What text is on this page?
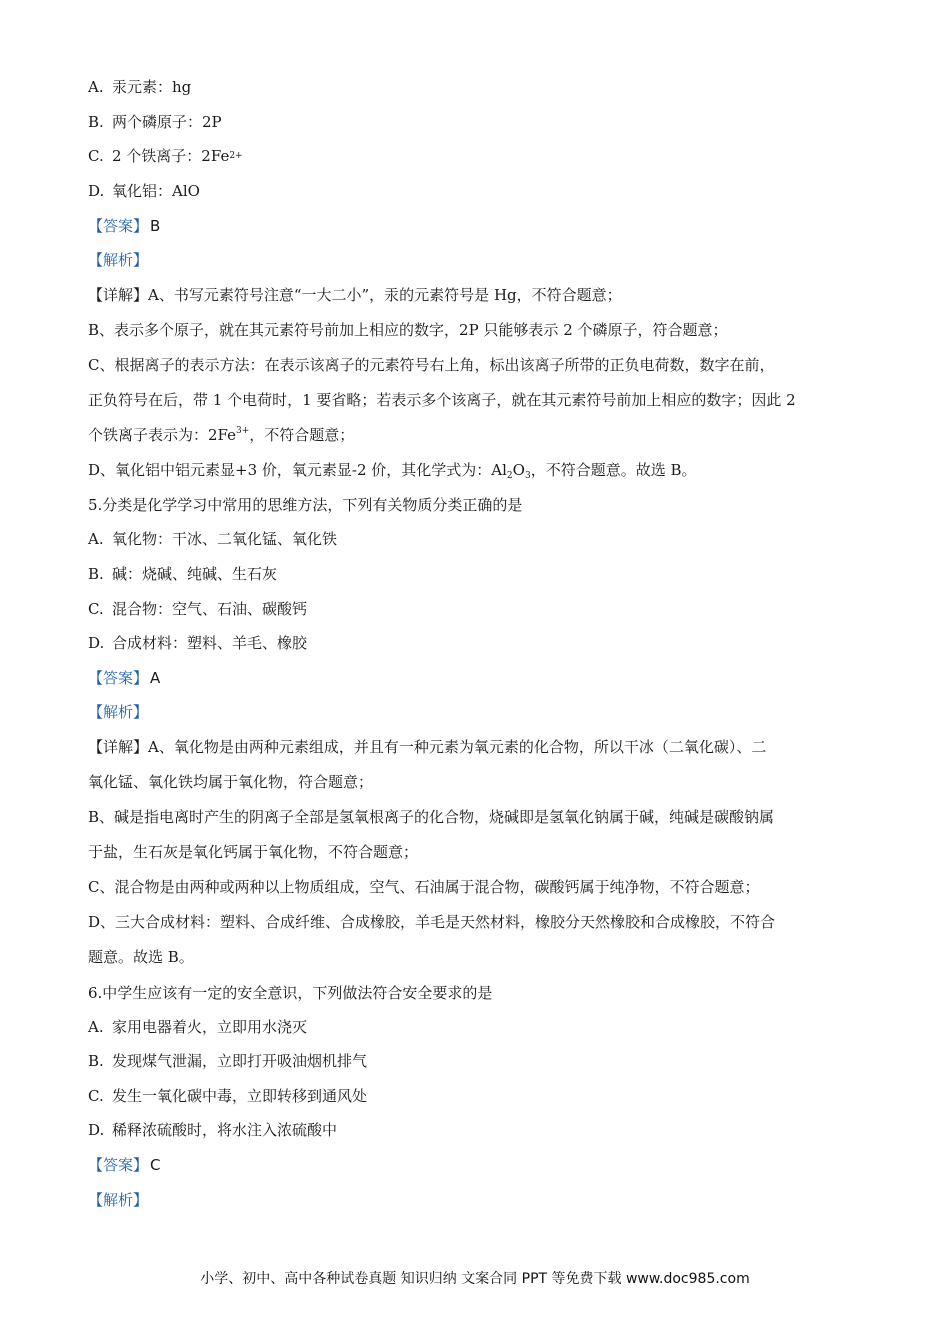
A. 汞元素：hg
B. 两个磷原子：2P
C. 2 个铁离子：2Fe 2+
D. 氧化铝：AlO
【答案】 B
【解析】
【详解】A、书写元素符号注意“一大二小”，汞的元素符号是 Hg，不符合题意；
B、表示多个原子，就在其元素符号前加上相应的数字，2P 只能够表示 2 个磷原子，符合题意；
C、根据离子的表示方法：在表示该离子的元素符号右上角，标出该离子所带的正负电荷数，数字在前，
正负符号在后，带 1 个电荷时，1 要省略；若表示多个该离子，就在其元素符号前加上相应的数字；因此 2
个铁离子表示为：$2Fe^{3+}$，不符合题意；
D、氧化铝中铝元素显+3 价，氧元素显-2 价，其化学式为：$Al_2O_3$，不符合题意。故选 B。
5.分类是化学学习中常用的思维方法，下列有关物质分类正确的是
A. 氧化物：干冰、二氧化锰、氧化铁
B. 碱：烧碱、纯碱、生石灰
C. 混合物：空气、石油、碳酸钙
D. 合成材料：塑料、羊毛、橡胶
【答案】 A
【解析】
【详解】A、氧化物是由两种元素组成，并且有一种元素为氧元素的化合物，所以干冰（二氧化碳）、二
氧化锰、氧化铁均属于氧化物，符合题意；
B、碱是指电离时产生的阴离子全部是氢氧根离子的化合物，烧碱即是氢氧化钠属于碱，纯碱是碳酸钠属
于盐，生石灰是氧化钙属于氧化物，不符合题意；
C、混合物是由两种或两种以上物质组成，空气、石油属于混合物，碳酸钙属于纯净物，不符合题意；
D、三大合成材料：塑料、合成纤维、合成橡胶，羊毛是天然材料，橡胶分天然橡胶和合成橡胶，不符合
题意。故选 B。
6.中学生应该有一定的安全意识，下列做法符合安全要求的是
A. 家用电器着火，立即用水浇灭
B. 发现煤气泄漏，立即打开吸油烟机排气
C. 发生一氧化碳中毒，立即转移到通风处
D. 稀释浓硫酸时，将水注入浓硫酸中
【答案】 C
【解析】
小学、初中、高中各种试卷真题 知识归纳 文案合同 PPT 等免费下载 www.doc985.com
